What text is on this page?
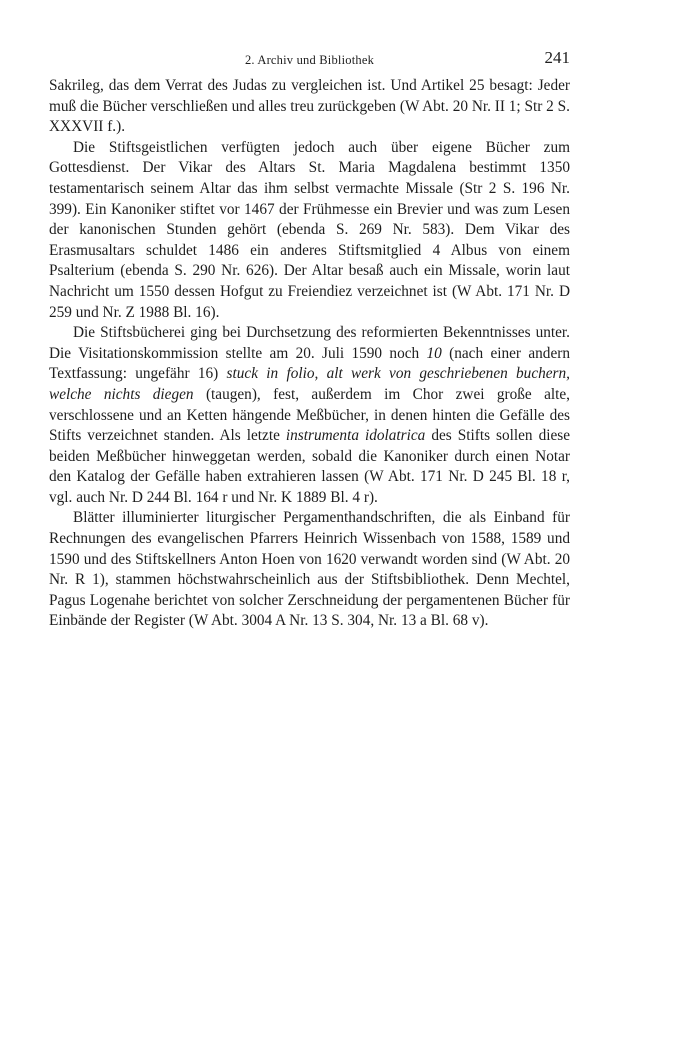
2. Archiv und Bibliothek	241

Sakrileg, das dem Verrat des Judas zu vergleichen ist. Und Artikel 25 besagt: Jeder muß die Bücher verschließen und alles treu zurückgeben (W Abt. 20 Nr. II 1; Str 2 S. XXXVII f.).

Die Stiftsgeistlichen verfügten jedoch auch über eigene Bücher zum Gottesdienst. Der Vikar des Altars St. Maria Magdalena bestimmt 1350 testamentarisch seinem Altar das ihm selbst vermachte Missale (Str 2 S. 196 Nr. 399). Ein Kanoniker stiftet vor 1467 der Frühmesse ein Brevier und was zum Lesen der kanonischen Stunden gehört (ebenda S. 269 Nr. 583). Dem Vikar des Erasmusaltars schuldet 1486 ein anderes Stiftsmitglied 4 Albus von einem Psalterium (ebenda S. 290 Nr. 626). Der Altar besaß auch ein Missale, worin laut Nachricht um 1550 dessen Hofgut zu Freiendiez verzeichnet ist (W Abt. 171 Nr. D 259 und Nr. Z 1988 Bl. 16).

Die Stiftsbücherei ging bei Durchsetzung des reformierten Bekenntnisses unter. Die Visitationskommission stellte am 20. Juli 1590 noch 10 (nach einer andern Textfassung: ungefähr 16) stuck in folio, alt werk von geschriebenen buchern, welche nichts diegen (taugen), fest, außerdem im Chor zwei große alte, verschlossene und an Ketten hängende Meßbücher, in denen hinten die Gefälle des Stifts verzeichnet standen. Als letzte instrumenta idolatrica des Stifts sollen diese beiden Meßbücher hinweggetan werden, sobald die Kanoniker durch einen Notar den Katalog der Gefälle haben extrahieren lassen (W Abt. 171 Nr. D 245 Bl. 18 r, vgl. auch Nr. D 244 Bl. 164 r und Nr. K 1889 Bl. 4 r).

Blätter illuminierter liturgischer Pergamenthandschriften, die als Einband für Rechnungen des evangelischen Pfarrers Heinrich Wissenbach von 1588, 1589 und 1590 und des Stiftskellners Anton Hoen von 1620 verwandt worden sind (W Abt. 20 Nr. R 1), stammen höchstwahrscheinlich aus der Stiftsbibliothek. Denn Mechtel, Pagus Logenahe berichtet von solcher Zerschneidung der pergamentenen Bücher für Einbände der Register (W Abt. 3004 A Nr. 13 S. 304, Nr. 13 a Bl. 68 v).
